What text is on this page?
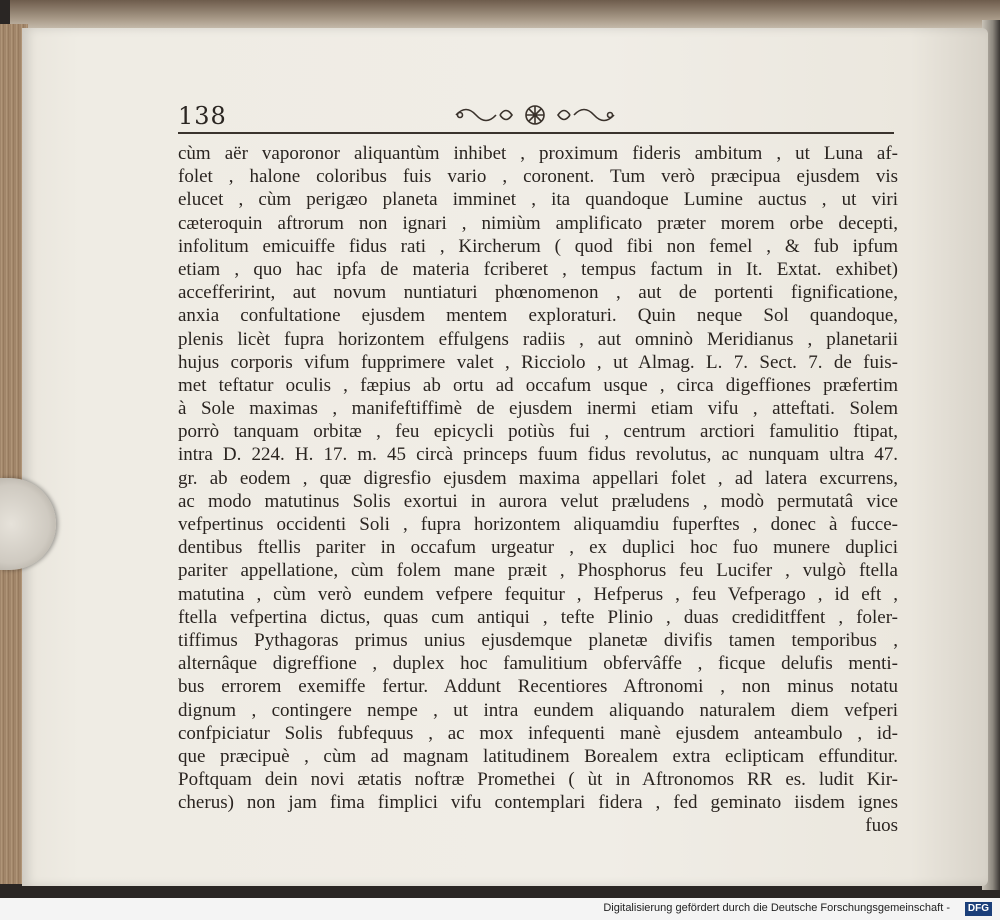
138
cùm aër vaporonor aliquantùm inhibet , proximum fideris ambitum , ut Luna af-
folet , halone coloribus fuis vario , coronent. Tum verò præcipua ejusdem vis
elucet , cùm perigæo planeta imminet , ita quandoque Lumine auctus , ut viri
cæteroquin aftrorum non ignari , nimiùm amplificato præter morem orbe decepti,
infolitum emicuiffe fidus rati , Kircherum ( quod fibi non femel , & fub ipfum
etiam , quo hac ipfa de materia fcriberet , tempus factum in It. Extat. exhibet)
accefferirint, aut novum nuntiaturi phœnomenon , aut de portenti fignificatione,
anxia confultatione ejusdem mentem exploraturi. Quin neque Sol quandoque,
plenis licèt fupra horizontem effulgens radiis , aut omninò Meridianus , planetarii
hujus corporis vifum fupprimere valet , Ricciolo , ut Almag. L. 7. Sect. 7. de fuis-
met teftatur oculis , fæpius ab ortu ad occafum usque , circa digeffiones præfertim
à Sole maximas , manifeftiffimè de ejusdem inermi etiam vifu , atteftati. Solem
porrò tanquam orbitæ , feu epicycli potiùs fui , centrum arctiori famulitio ftipat,
intra D. 224. H. 17. m. 45 circà princeps fuum fidus revolutus, ac nunquam ultra 47.
gr. ab eodem , quæ digresfio ejusdem maxima appellari folet , ad latera excurrens,
ac modo matutinus Solis exortui in aurora velut præludens , modò permutatâ vice
vefpertinus occidenti Soli , fupra horizontem aliquamdiu fuperftes , donec à fucce-
dentibus ftellis pariter in occafum urgeatur , ex duplici hoc fuo munere duplici
pariter appellatione, cùm folem mane præit , Phosphorus feu Lucifer , vulgò ftella
matutina , cùm verò eundem vefpere fequitur , Hefperus , feu Vefperago , id eft ,
ftella vefpertina dictus, quas cum antiqui , tefte Plinio , duas crediditffent , foler-
tiffimus Pythagoras primus unius ejusdemque planetæ divifis tamen temporibus ,
alternâque digreffione , duplex hoc famulitium obfervâffe , ficque delufis menti-
bus errorem exemiffe fertur. Addunt Recentiores Aftronomi , non minus notatu
dignum , contingere nempe , ut intra eundem aliquando naturalem diem vefperi
confpiciatur Solis fubfequus , ac mox infequenti manè ejusdem anteambulo , id-
que præcipuè , cùm ad magnam latitudinem Borealem extra eclipticam effunditur.
Poftquam dein novi ætatis noftræ Promethei ( ùt in Aftronomos RR es. ludit Kir-
cherus) non jam fima fimplici vifu contemplari fidera , fed geminato iisdem ignes
fuos
Digitalisierung gefördert durch die Deutsche Forschungsgemeinschaft -	DFG
